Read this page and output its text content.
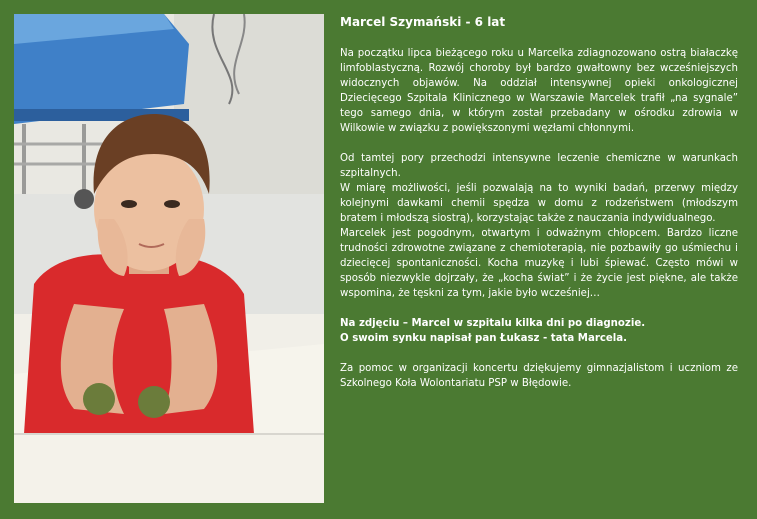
Marcel Szymański - 6 lat

Na początku lipca bieżącego roku u Marcelka zdiagnozowano ostrą białaczkę limfoblastyczną. Rozwój choroby był bardzo gwałtowny bez wcześniejszych widocznych objawów. Na oddział intensywnej opieki onkologicznej Dziecięcego Szpitala Klinicznego w Warszawie Marcelek trafił „na sygnale” tego samego dnia, w którym został przebadany w ośrodku zdrowia w Wilkowie w związku z powiększonymi węzłami chłonnymi.

Od tamtej pory przechodzi intensywne leczenie chemiczne w warunkach szpitalnych.

W miarę możliwości, jeśli pozwalają na to wyniki badań, przerwy między kolejnymi dawkami chemii spędza w domu z rodzeństwem (młodszym bratem i młodszą siostrą), korzystając także z nauczania indywidualnego.

Marcelek jest pogodnym, otwartym i odważnym chłopcem. Bardzo liczne trudności zdrowotne związane z chemioterapią, nie pozbawiły go uśmiechu i dziecięcej spontaniczności. Kocha muzykę i lubi śpiewać. Często mówi w sposób niezwykle dojrzały, że „kocha świat” i że życie jest piękne, ale także wspomina, że tęskni za tym, jakie było wcześniej…

Na zdjęciu – Marcel w szpitalu kilka dni po diagnozie.

O swoim synku napisał pan Łukasz - tata Marcela.

Za pomoc w organizacji koncertu dziękujemy gimnazjalistom i uczniom ze Szkolnego Koła Wolontariatu PSP w Błędowie.
